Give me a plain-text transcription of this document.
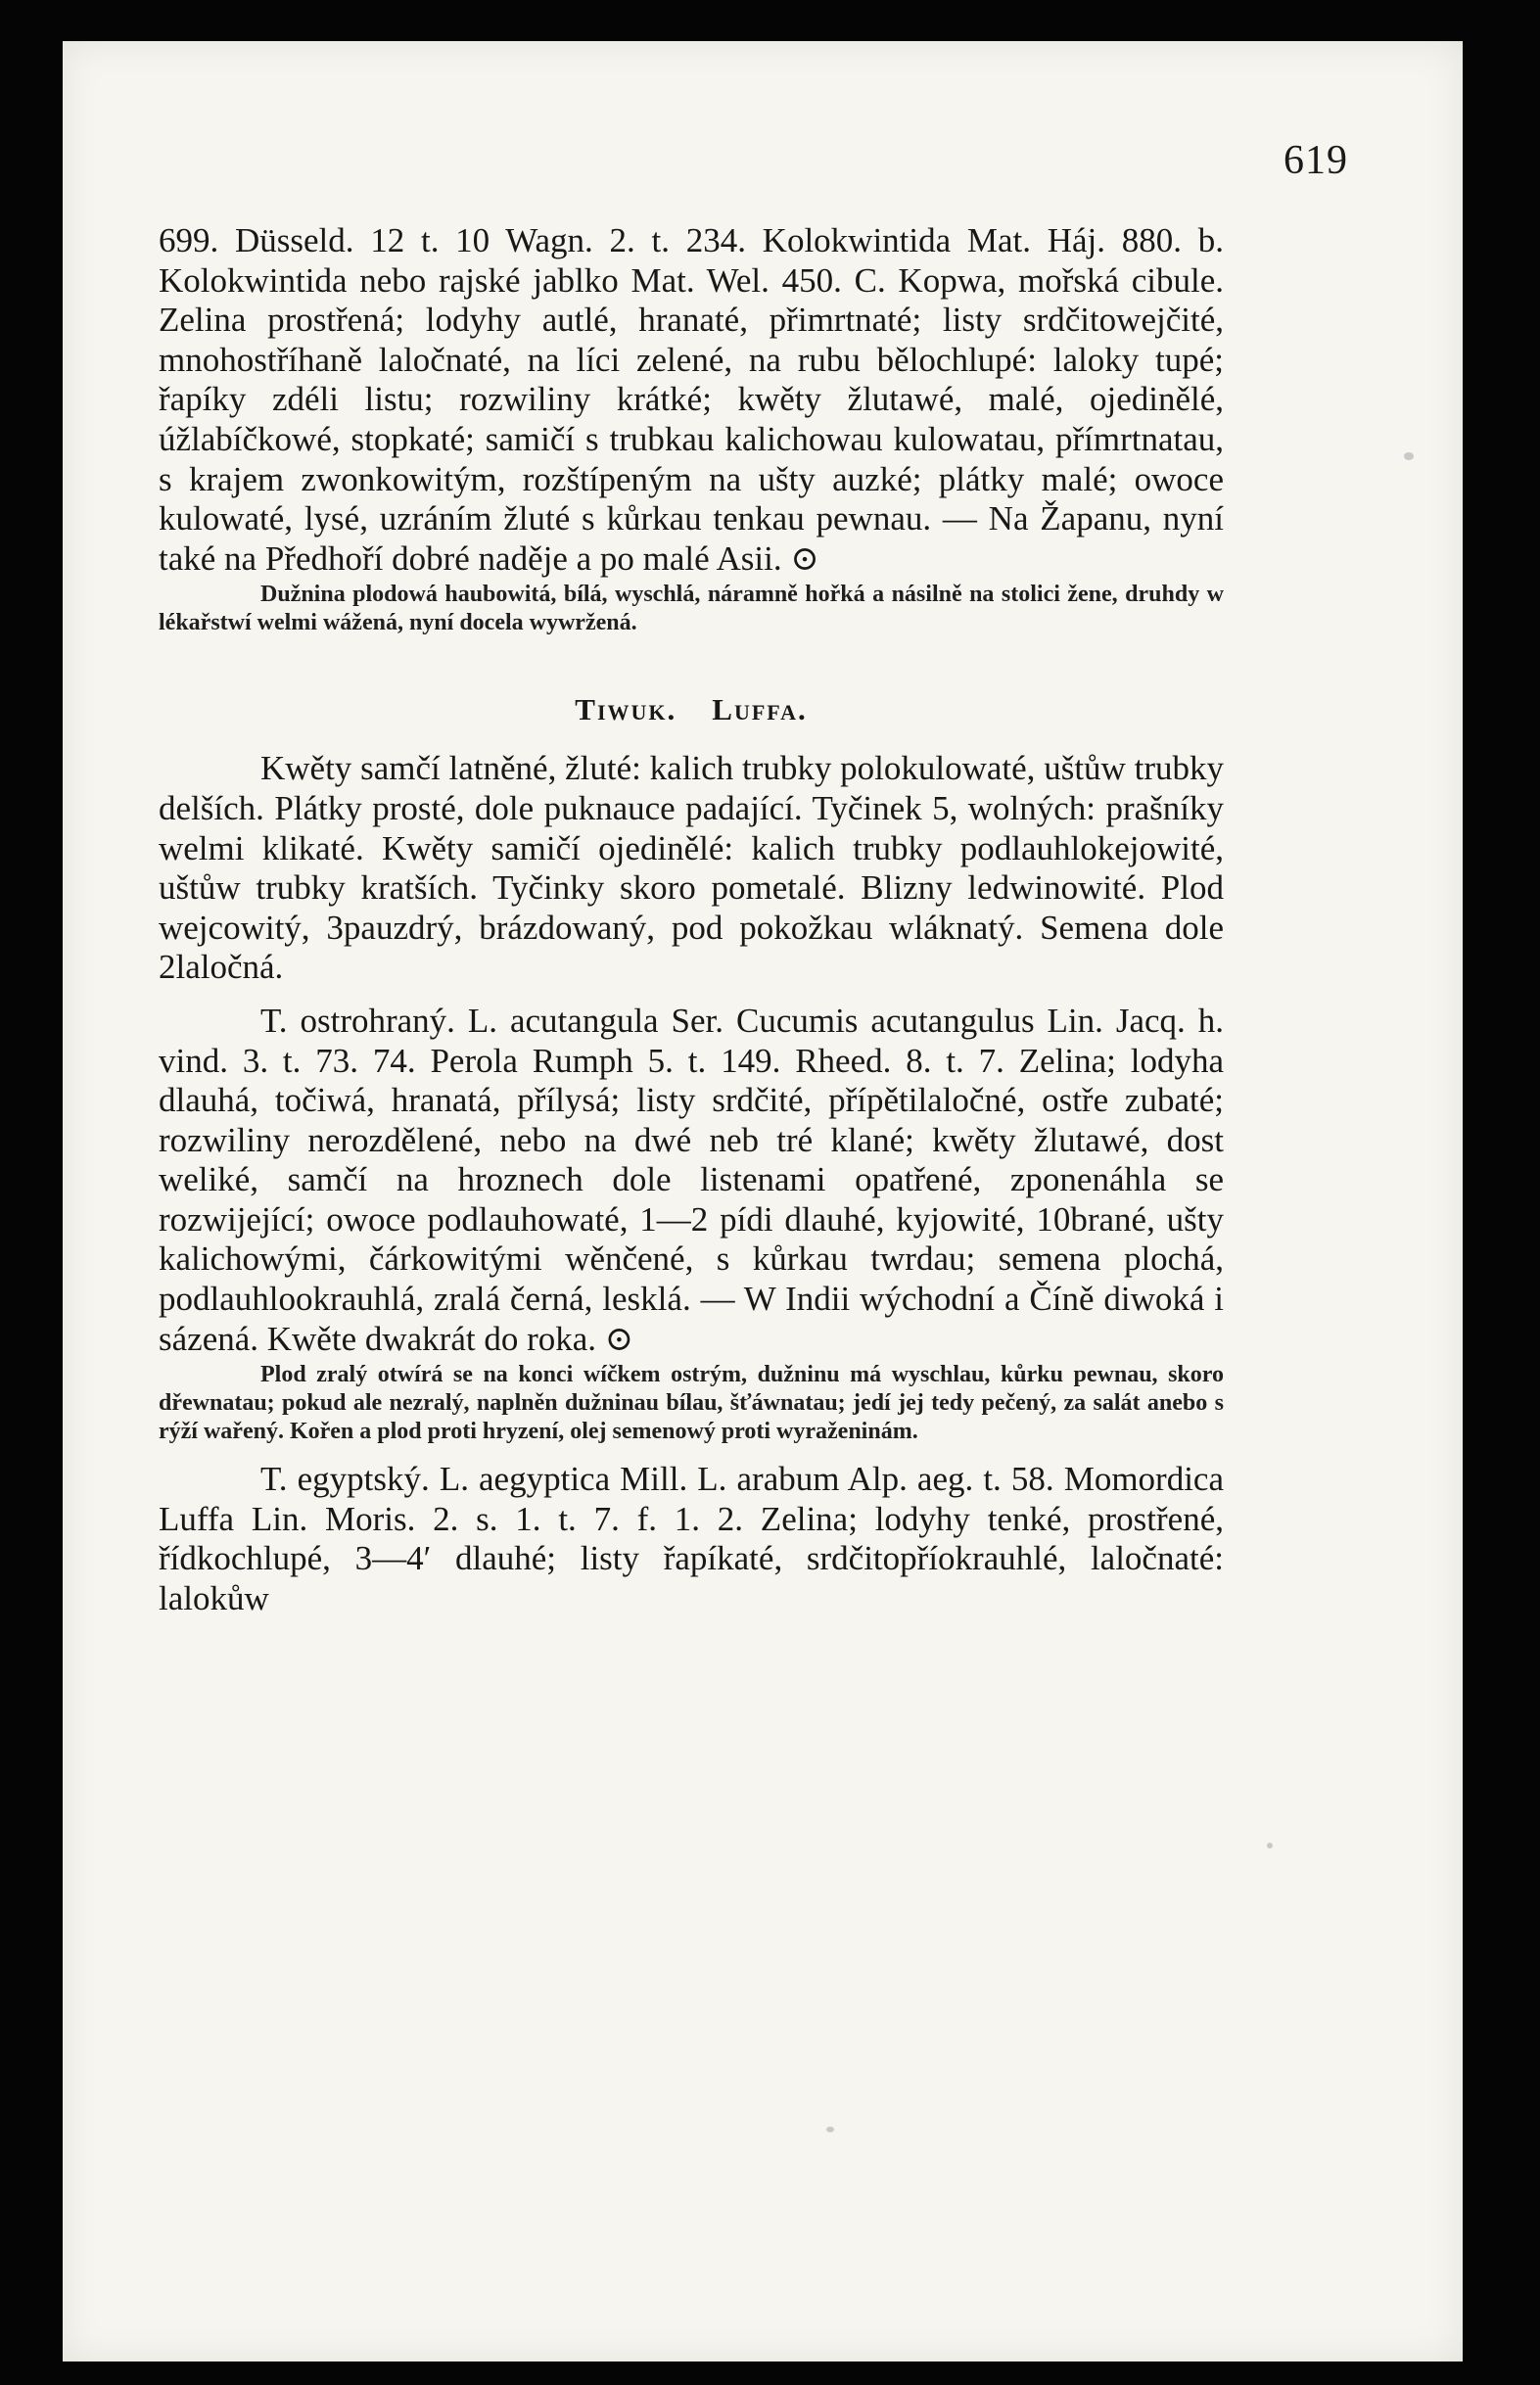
619

699. Düsseld. 12 t. 10 Wagn. 2. t. 234. Kolokwintida Mat. Háj. 880. b. Kolokwintida nebo rajské jablko Mat. Wel. 450. C. Kopwa, mořská cibule. Zelina prostřená; lodyhy autlé, hranaté, přimrtnaté; listy srdčitowejčité, mnohostříhaně laločnaté, na líci zelené, na rubu bělochlupé: laloky tupé; řapíky zdéli listu; rozwiliny krátké; kwěty žlutawé, malé, ojedinělé, úžlabíčkowé, stopkaté; samičí s trubkau kalichowau kulowatau, přímrtnatau, s krajem zwonkowitým, rozštípeným na ušty auzké; plátky malé; owoce kulowaté, lysé, uzráním žluté s kůrkau tenkau pewnau. — Na Žapanu, nyní také na Předhoří dobré naděje a po malé Asii. ⊙

Dužnina plodowá haubowitá, bílá, wyschlá, náramně hořká a násilně na stolici žene, druhdy w lékařstwí welmi wážená, nyní docela wywržená.

Tiwuk. Luffa.

Kwěty samčí latněné, žluté: kalich trubky polokulowaté, uštůw trubky delších. Plátky prosté, dole puknauce padající. Tyčinek 5, wolných: prašníky welmi klikaté. Kwěty samičí ojedinělé: kalich trubky podlauhlokejowité, uštůw trubky kratších. Tyčinky skoro pometalé. Blizny ledwinowité. Plod wejcowitý, 3pauzdrý, brázdowaný, pod pokožkau wláknatý. Semena dole 2laločná.

T. ostrohraný. L. acutangula Ser. Cucumis acutangulus Lin. Jacq. h. vind. 3. t. 73. 74. Perola Rumph 5. t. 149. Rheed. 8. t. 7. Zelina; lodyha dlauhá, točiwá, hranatá, přílysá; listy srdčité, přípětilaločné, ostře zubaté; rozwiliny nerozdělené, nebo na dwé neb tré klané; kwěty žlutawé, dost weliké, samčí na hroznech dole listenami opatřené, zponenáhla se rozwijející; owoce podlauhowaté, 1—2 pídi dlauhé, kyjowité, 10brané, ušty kalichowými, čárkowitými wěnčené, s kůrkau twrdau; semena plochá, podlauhlookrauhlá, zralá černá, lesklá. — W Indii wýchodní a Číně diwoká i sázená. Kwěte dwakrát do roka. ⊙

Plod zralý otwírá se na konci wíčkem ostrým, dužninu má wyschlau, kůrku pewnau, skoro dřewnatau; pokud ale nezralý, naplněn dužninau bílau, šťáwnatau; jedí jej tedy pečený, za salát anebo s rýží wařený. Kořen a plod proti hryzení, olej semenowý proti wyraženinám.

T. egyptský. L. aegyptica Mill. L. arabum Alp. aeg. t. 58. Momordica Luffa Lin. Moris. 2. s. 1. t. 7. f. 1. 2. Zelina; lodyhy tenké, prostřené, řídkochlupé, 3—4′ dlauhé; listy řapíkaté, srdčitopříokrauhlé, laločnaté: lalokůw
